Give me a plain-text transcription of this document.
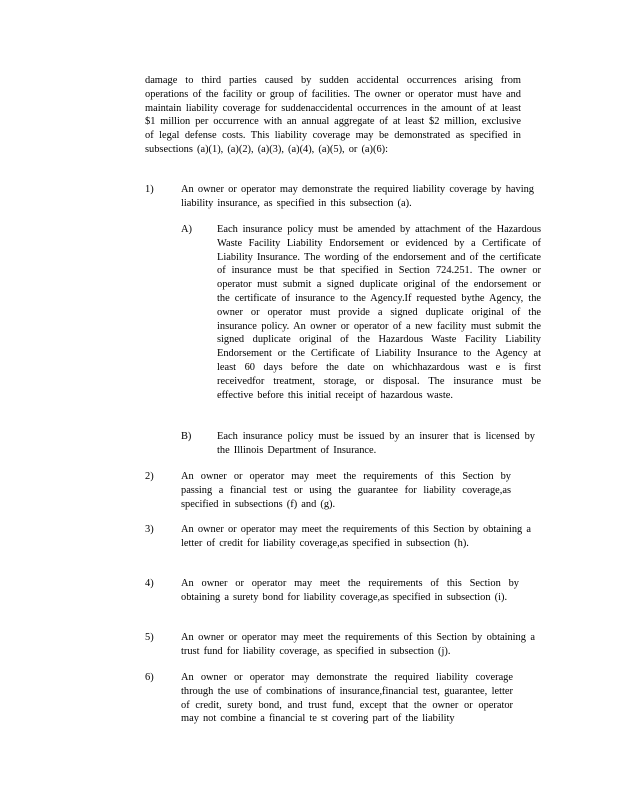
damage to third parties caused by sudden accidental occurrences arising from operations of the facility or group of facilities. The owner or operator must have and maintain liability coverage for suddenaccidental occurrences in the amount of at least $1 million per occurrence with an annual aggregate of at least $2 million, exclusive of legal defense costs. This liability coverage may be demonstrated as specified in subsections (a)(1), (a)(2), (a)(3), (a)(4), (a)(5), or (a)(6):

1)	An owner or operator may demonstrate the required liability coverage by having liability insurance, as specified in this subsection (a).

A) Each insurance policy must be amended by attachment of the Hazardous Waste Facility Liability Endorsement or evidenced by a Certificate of Liability Insurance. The wording of the endorsement and of the certificate of insurance must be that specified in Section 724.251. The owner or operator must submit a signed duplicate original of the endorsement or the certificate of insurance to the Agency.If requested bythe Agency, the owner or operator must provide a signed duplicate original of the insurance policy. An owner or operator of a new facility must submit the signed duplicate original of the Hazardous Waste Facility Liability Endorsement or the Certificate of Liability Insurance to the Agency at least 60 days before the date on whichhazardous wast e is first receivedfor treatment, storage, or disposal. The insurance must be effective before this initial receipt of hazardous waste.

B) Each insurance policy must be issued by an insurer that is licensed by the Illinois Department of Insurance.

2)	An owner or operator may meet the requirements of this Section by passing a financial test or using the guarantee for liability coverage,as specified in subsections (f) and (g).

3)	An owner or operator may meet the requirements of this Section by obtaining a letter of credit for liability coverage,as specified in subsection (h).

4)	An owner or operator may meet the requirements of this Section by obtaining a surety bond for liability coverage,as specified in subsection (i).

5)	An owner or operator may meet the requirements of this Section by obtaining a trust fund for liability coverage, as specified in subsection (j).

6)	An owner or operator may demonstrate the required liability coverage through the use of combinations of insurance,financial test, guarantee, letter of credit, surety bond, and trust fund, except that the owner or operator may not combine a financial te st covering part of the liability
